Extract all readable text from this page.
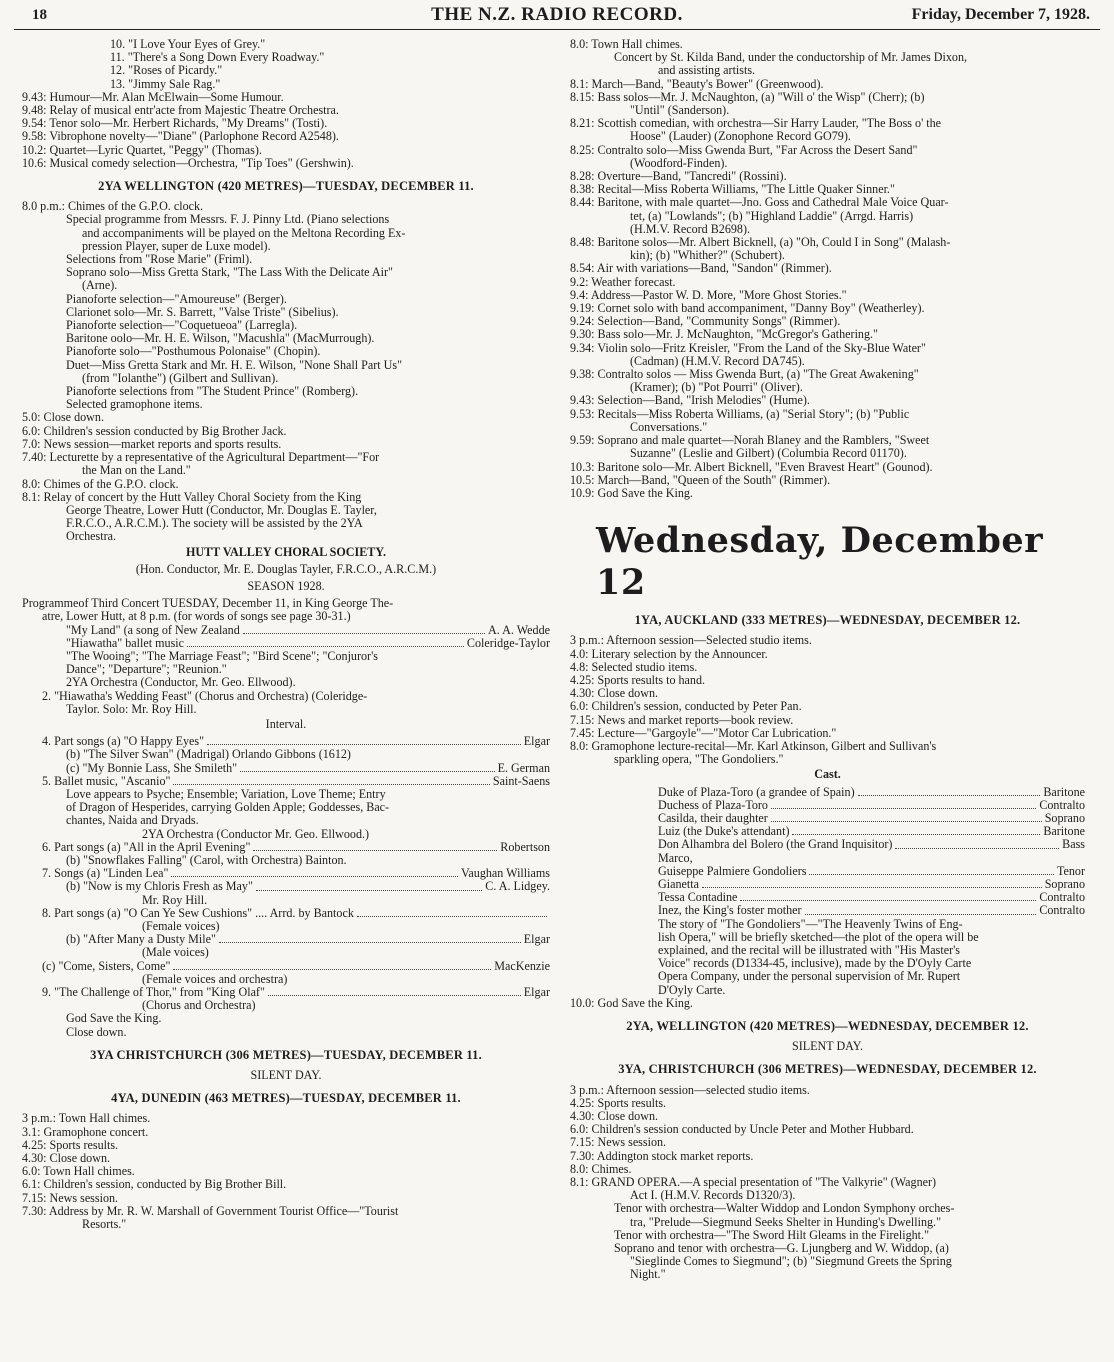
18	THE N.Z. RADIO RECORD.	Friday, December 7, 1928.
10. "I Love Your Eyes of Grey."
11. "There's a Song Down Every Roadway."
12. "Roses of Picardy."
13. "Jimmy Sale Rag."
9.43: Humour—Mr. Alan McElwain—Some Humour.
9.48: Relay of musical entr'acte from Majestic Theatre Orchestra.
9.54: Tenor solo—Mr. Herbert Richards, "My Dreams" (Tosti).
9.58: Vibrophone novelty—"Diane" (Parlophone Record A2548).
10.2: Quartet—Lyric Quartet, "Peggy" (Thomas).
10.6: Musical comedy selection—Orchestra, "Tip Toes" (Gershwin).
2YA WELLINGTON (420 METRES)—TUESDAY, DECEMBER 11.
8.0 p.m.: Chimes of the G.P.O. clock.
Special programme from Messrs. F. J. Pinny Ltd. (Piano selections
and accompaniments will be played on the Meltona Recording Ex-
pression Player, super de Luxe model).
Selections from "Rose Marie" (Friml).
Soprano solo—Miss Gretta Stark, "The Lass With the Delicate Air"
(Arne).
Pianoforte selection—"Amoureuse" (Berger).
Clarionet solo—Mr. S. Barrett, "Valse Triste" (Sibelius).
Pianoforte selection—"Coquetueoa" (Larregla).
Baritone oolo—Mr. H. E. Wilson, "Macushla" (MacMurrough).
Pianoforte solo—"Posthumous Polonaise" (Chopin).
Duet—Miss Gretta Stark and Mr. H. E. Wilson, "None Shall Part Us"
(from "Iolanthe") (Gilbert and Sullivan).
Pianoforte selections from "The Student Prince" (Romberg).
Selected gramophone items.
5.0: Close down.
6.0: Children's session conducted by Big Brother Jack.
7.0: News session—market reports and sports results.
7.40: Lecturette by a representative of the Agricultural Department—"For
the Man on the Land."
8.0: Chimes of the G.P.O. clock.
8.1: Relay of concert by the Hutt Valley Choral Society from the King
George Theatre, Lower Hutt (Conductor, Mr. Douglas E. Tayler,
F.R.C.O., A.R.C.M.). The society will be assisted by the 2YA
Orchestra.
HUTT VALLEY CHORAL SOCIETY.
(Hon. Conductor, Mr. E. Douglas Tayler, F.R.C.O., A.R.C.M.)
SEASON 1928.
Programmeof Third Concert TUESDAY, December 11, in King George The-
atre, Lower Hutt, at 8 p.m. (for words of songs see page 30-31.)
"My Land" (a song of New Zealand	A. A. Wedde
"Hiawatha" ballet music	Coleridge-Taylor
"The Wooing"; "The Marriage Feast"; "Bird Scene"; "Conjuror's
Dance"; "Departure"; "Reunion."
2YA Orchestra (Conductor, Mr. Geo. Ellwood).
2. "Hiawatha's Wedding Feast" (Chorus and Orchestra) (Coleridge-
Taylor. Solo: Mr. Roy Hill.
Interval.
4. Part songs (a) "O Happy Eyes"	Elgar
(b) "The Silver Swan" (Madrigal) Orlando Gibbons (1612)
(c) "My Bonnie Lass, She Smileth"	E. German
5. Ballet music, "Ascanio"	Saint-Saens
Love appears to Psyche; Ensemble; Variation, Love Theme; Entry
of Dragon of Hesperides, carrying Golden Apple; Goddesses, Bac-
chantes, Naida and Dryads.
2YA Orchestra (Conductor Mr. Geo. Ellwood.)
6. Part songs (a) "All in the April Evening"	Robertson
(b) "Snowflakes Falling" (Carol, with Orchestra) Bainton.
7. Songs (a) "Linden Lea"	Vaughan Williams
(b) "Now is my Chloris Fresh as May"	C. A. Lidgey.
Mr. Roy Hill.
8. Part songs (a) "O Can Ye Sew Cushions" .... Arrd. by Bantock
(Female voices)
(b) "After Many a Dusty Mile"	Elgar
(Male voices)
(c) "Come, Sisters, Come"	MacKenzie
(Female voices and orchestra)
9. "The Challenge of Thor," from "King Olaf"	Elgar
(Chorus and Orchestra)
God Save the King.
Close down.
3YA CHRISTCHURCH (306 METRES)—TUESDAY, DECEMBER 11.
SILENT DAY.
4YA, DUNEDIN (463 METRES)—TUESDAY, DECEMBER 11.
3 p.m.: Town Hall chimes.
3.1: Gramophone concert.
4.25: Sports results.
4.30: Close down.
6.0: Town Hall chimes.
6.1: Children's session, conducted by Big Brother Bill.
7.15: News session.
7.30: Address by Mr. R. W. Marshall of Government Tourist Office—"Tourist
Resorts."
8.0: Town Hall chimes.
Concert by St. Kilda Band, under the conductorship of Mr. James Dixon,
and assisting artists.
8.1: March—Band, "Beauty's Bower" (Greenwood).
8.15: Bass solos—Mr. J. McNaughton, (a) "Will o' the Wisp" (Cherr); (b)
"Until" (Sanderson).
8.21: Scottish comedian, with orchestra—Sir Harry Lauder, "The Boss o' the
Hoose" (Lauder) (Zonophone Record GO79).
8.25: Contralto solo—Miss Gwenda Burt, "Far Across the Desert Sand"
(Woodford-Finden).
8.28: Overture—Band, "Tancredi" (Rossini).
8.38: Recital—Miss Roberta Williams, "The Little Quaker Sinner."
8.44: Baritone, with male quartet—Jno. Goss and Cathedral Male Voice Quar-
tet, (a) "Lowlands"; (b) "Highland Laddie" (Arrgd. Harris)
(H.M.V. Record B2698).
8.48: Baritone solos—Mr. Albert Bicknell, (a) "Oh, Could I in Song" (Malash-
kin); (b) "Whither?" (Schubert).
8.54: Air with variations—Band, "Sandon" (Rimmer).
9.2: Weather forecast.
9.4: Address—Pastor W. D. More, "More Ghost Stories."
9.19: Cornet solo with band accompaniment, "Danny Boy" (Weatherley).
9.24: Selection—Band, "Community Songs" (Rimmer).
9.30: Bass solo—Mr. J. McNaughton, "McGregor's Gathering."
9.34: Violin solo—Fritz Kreisler, "From the Land of the Sky-Blue Water"
(Cadman) (H.M.V. Record DA745).
9.38: Contralto solos — Miss Gwenda Burt, (a) "The Great Awakening"
(Kramer); (b) "Pot Pourri" (Oliver).
9.43: Selection—Band, "Irish Melodies" (Hume).
9.53: Recitals—Miss Roberta Williams, (a) "Serial Story"; (b) "Public
Conversations."
9.59: Soprano and male quartet—Norah Blaney and the Ramblers, "Sweet
Suzanne" (Leslie and Gilbert) (Columbia Record 01170).
10.3: Baritone solo—Mr. Albert Bicknell, "Even Bravest Heart" (Gounod).
10.5: March—Band, "Queen of the South" (Rimmer).
10.9: God Save the King.
Wednesday, December 12
1YA, AUCKLAND (333 METRES)—WEDNESDAY, DECEMBER 12.
3 p.m.: Afternoon session—Selected studio items.
4.0: Literary selection by the Announcer.
4.8: Selected studio items.
4.25: Sports results to hand.
4.30: Close down.
6.0: Children's session, conducted by Peter Pan.
7.15: News and market reports—book review.
7.45: Lecture—"Gargoyle"—"Motor Car Lubrication."
8.0: Gramophone lecture-recital—Mr. Karl Atkinson, Gilbert and Sullivan's
sparkling opera, "The Gondoliers."
Cast.
Duke of Plaza-Toro (a grandee of Spain)	Baritone
Duchess of Plaza-Toro	Contralto
Casilda, their daughter	Soprano
Luiz (the Duke's attendant)	Baritone
Don Alhambra del Bolero (the Grand Inquisitor)	Bass
Marco,
Guiseppe Palmiere Gondoliers	Tenor
Gianetta	Soprano
Tessa Contadine	Contralto
Inez, the King's foster mother	Contralto
The story of "The Gondoliers"—"The Heavenly Twins of Eng-
lish Opera," will be briefly sketched—the plot of the opera will be
explained, and the recital will be illustrated with "His Master's
Voice" records (D1334-45, inclusive), made by the D'Oyly Carte
Opera Company, under the personal supervision of Mr. Rupert
D'Oyly Carte.
10.0: God Save the King.
2YA, WELLINGTON (420 METRES)—WEDNESDAY, DECEMBER 12.
SILENT DAY.
3YA, CHRISTCHURCH (306 METRES)—WEDNESDAY, DECEMBER 12.
3 p.m.: Afternoon session—selected studio items.
4.25: Sports results.
4.30: Close down.
6.0: Children's session conducted by Uncle Peter and Mother Hubbard.
7.15: News session.
7.30: Addington stock market reports.
8.0: Chimes.
8.1: GRAND OPERA.—A special presentation of "The Valkyrie" (Wagner)
Act I. (H.M.V. Records D1320/3).
Tenor with orchestra—Walter Widdop and London Symphony orches-
tra, "Prelude—Siegmund Seeks Shelter in Hunding's Dwelling."
Tenor with orchestra—"The Sword Hilt Gleams in the Firelight."
Soprano and tenor with orchestra—G. Ljungberg and W. Widdop, (a)
"Sieglinde Comes to Siegmund"; (b) "Siegmund Greets the Spring
Night."
